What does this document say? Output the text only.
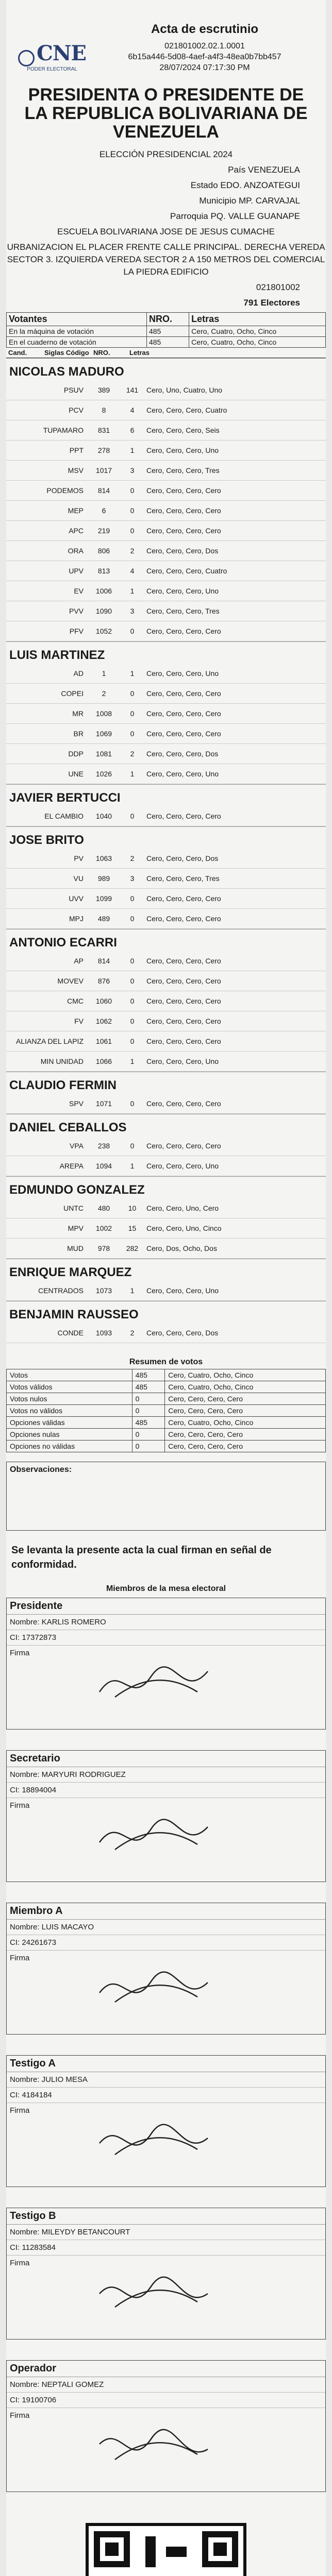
CNE
PODER ELECTORAL
Acta de escrutinio
021801002.02.1.0001
6b15a446-5d08-4aef-a4f3-48ea0b7bb457
28/07/2024 07:17:30 PM
PRESIDENTA O PRESIDENTE DE LA REPUBLICA BOLIVARIANA DE VENEZUELA
ELECCIÓN PRESIDENCIAL 2024
País VENEZUELA
Estado EDO. ANZOATEGUI
Municipio MP. CARVAJAL
Parroquia PQ. VALLE GUANAPE
ESCUELA BOLIVARIANA JOSE DE JESUS CUMACHE
URBANIZACION EL PLACER FRENTE CALLE PRINCIPAL. DERECHA VEREDA SECTOR 3. IZQUIERDA VEREDA SECTOR 2 A 150 METROS DEL COMERCIAL LA PIEDRA EDIFICIO
021801002
791 Electores
Votantes	NRO.	Letras
En la máquina de votación	485	Cero, Cuatro, Ocho, Cinco
En el cuaderno de votación	485	Cero, Cuatro, Ocho, Cinco
Cand.	Siglas Código NRO.	Letras
NICOLAS MADURO
PSUV	389	141	Cero, Uno, Cuatro, Uno
PCV	8	4	Cero, Cero, Cero, Cuatro
TUPAMARO	831	6	Cero, Cero, Cero, Seis
PPT	278	1	Cero, Cero, Cero, Uno
MSV	1017	3	Cero, Cero, Cero, Tres
PODEMOS	814	0	Cero, Cero, Cero, Cero
MEP	6	0	Cero, Cero, Cero, Cero
APC	219	0	Cero, Cero, Cero, Cero
ORA	806	2	Cero, Cero, Cero, Dos
UPV	813	4	Cero, Cero, Cero, Cuatro
EV	1006	1	Cero, Cero, Cero, Uno
PVV	1090	3	Cero, Cero, Cero, Tres
PFV	1052	0	Cero, Cero, Cero, Cero
LUIS MARTINEZ
AD	1	1	Cero, Cero, Cero, Uno
COPEI	2	0	Cero, Cero, Cero, Cero
MR	1008	0	Cero, Cero, Cero, Cero
BR	1069	0	Cero, Cero, Cero, Cero
DDP	1081	2	Cero, Cero, Cero, Dos
UNE	1026	1	Cero, Cero, Cero, Uno
JAVIER BERTUCCI
EL CAMBIO	1040	0	Cero, Cero, Cero, Cero
JOSE BRITO
PV	1063	2	Cero, Cero, Cero, Dos
VU	989	3	Cero, Cero, Cero, Tres
UVV	1099	0	Cero, Cero, Cero, Cero
MPJ	489	0	Cero, Cero, Cero, Cero
ANTONIO ECARRI
AP	814	0	Cero, Cero, Cero, Cero
MOVEV	876	0	Cero, Cero, Cero, Cero
CMC	1060	0	Cero, Cero, Cero, Cero
FV	1062	0	Cero, Cero, Cero, Cero
ALIANZA DEL LAPIZ	1061	0	Cero, Cero, Cero, Cero
MIN UNIDAD	1066	1	Cero, Cero, Cero, Uno
CLAUDIO FERMIN
SPV	1071	0	Cero, Cero, Cero, Cero
DANIEL CEBALLOS
VPA	238	0	Cero, Cero, Cero, Cero
AREPA	1094	1	Cero, Cero, Cero, Uno
EDMUNDO GONZALEZ
UNTC	480	10	Cero, Cero, Uno, Cero
MPV	1002	15	Cero, Cero, Uno, Cinco
MUD	978	282	Cero, Dos, Ocho, Dos
ENRIQUE MARQUEZ
CENTRADOS	1073	1	Cero, Cero, Cero, Uno
BENJAMIN RAUSSEO
CONDE	1093	2	Cero, Cero, Cero, Dos
Resumen de votos
Votos	485	Cero, Cuatro, Ocho, Cinco
Votos válidos	485	Cero, Cuatro, Ocho, Cinco
Votos nulos	0	Cero, Cero, Cero, Cero
Votos no válidos	0	Cero, Cero, Cero, Cero
Opciones válidas	485	Cero, Cuatro, Ocho, Cinco
Opciones nulas	0	Cero, Cero, Cero, Cero
Opciones no válidas	0	Cero, Cero, Cero, Cero
Observaciones:
Se levanta la presente acta la cual firman en señal de conformidad.
Miembros de la mesa electoral
Presidente
Nombre: KARLIS ROMERO
CI: 17372873
Firma
Secretario
Nombre: MARYURI RODRIGUEZ
CI: 18894004
Firma
Miembro A
Nombre: LUIS MACAYO
CI: 24261673
Firma
Testigo A
Nombre: JULIO MESA
CI: 4184184
Firma
Testigo B
Nombre: MILEYDY BETANCOURT
CI: 11283584
Firma
Operador
Nombre: NEPTALI GOMEZ
CI: 19100706
Firma
